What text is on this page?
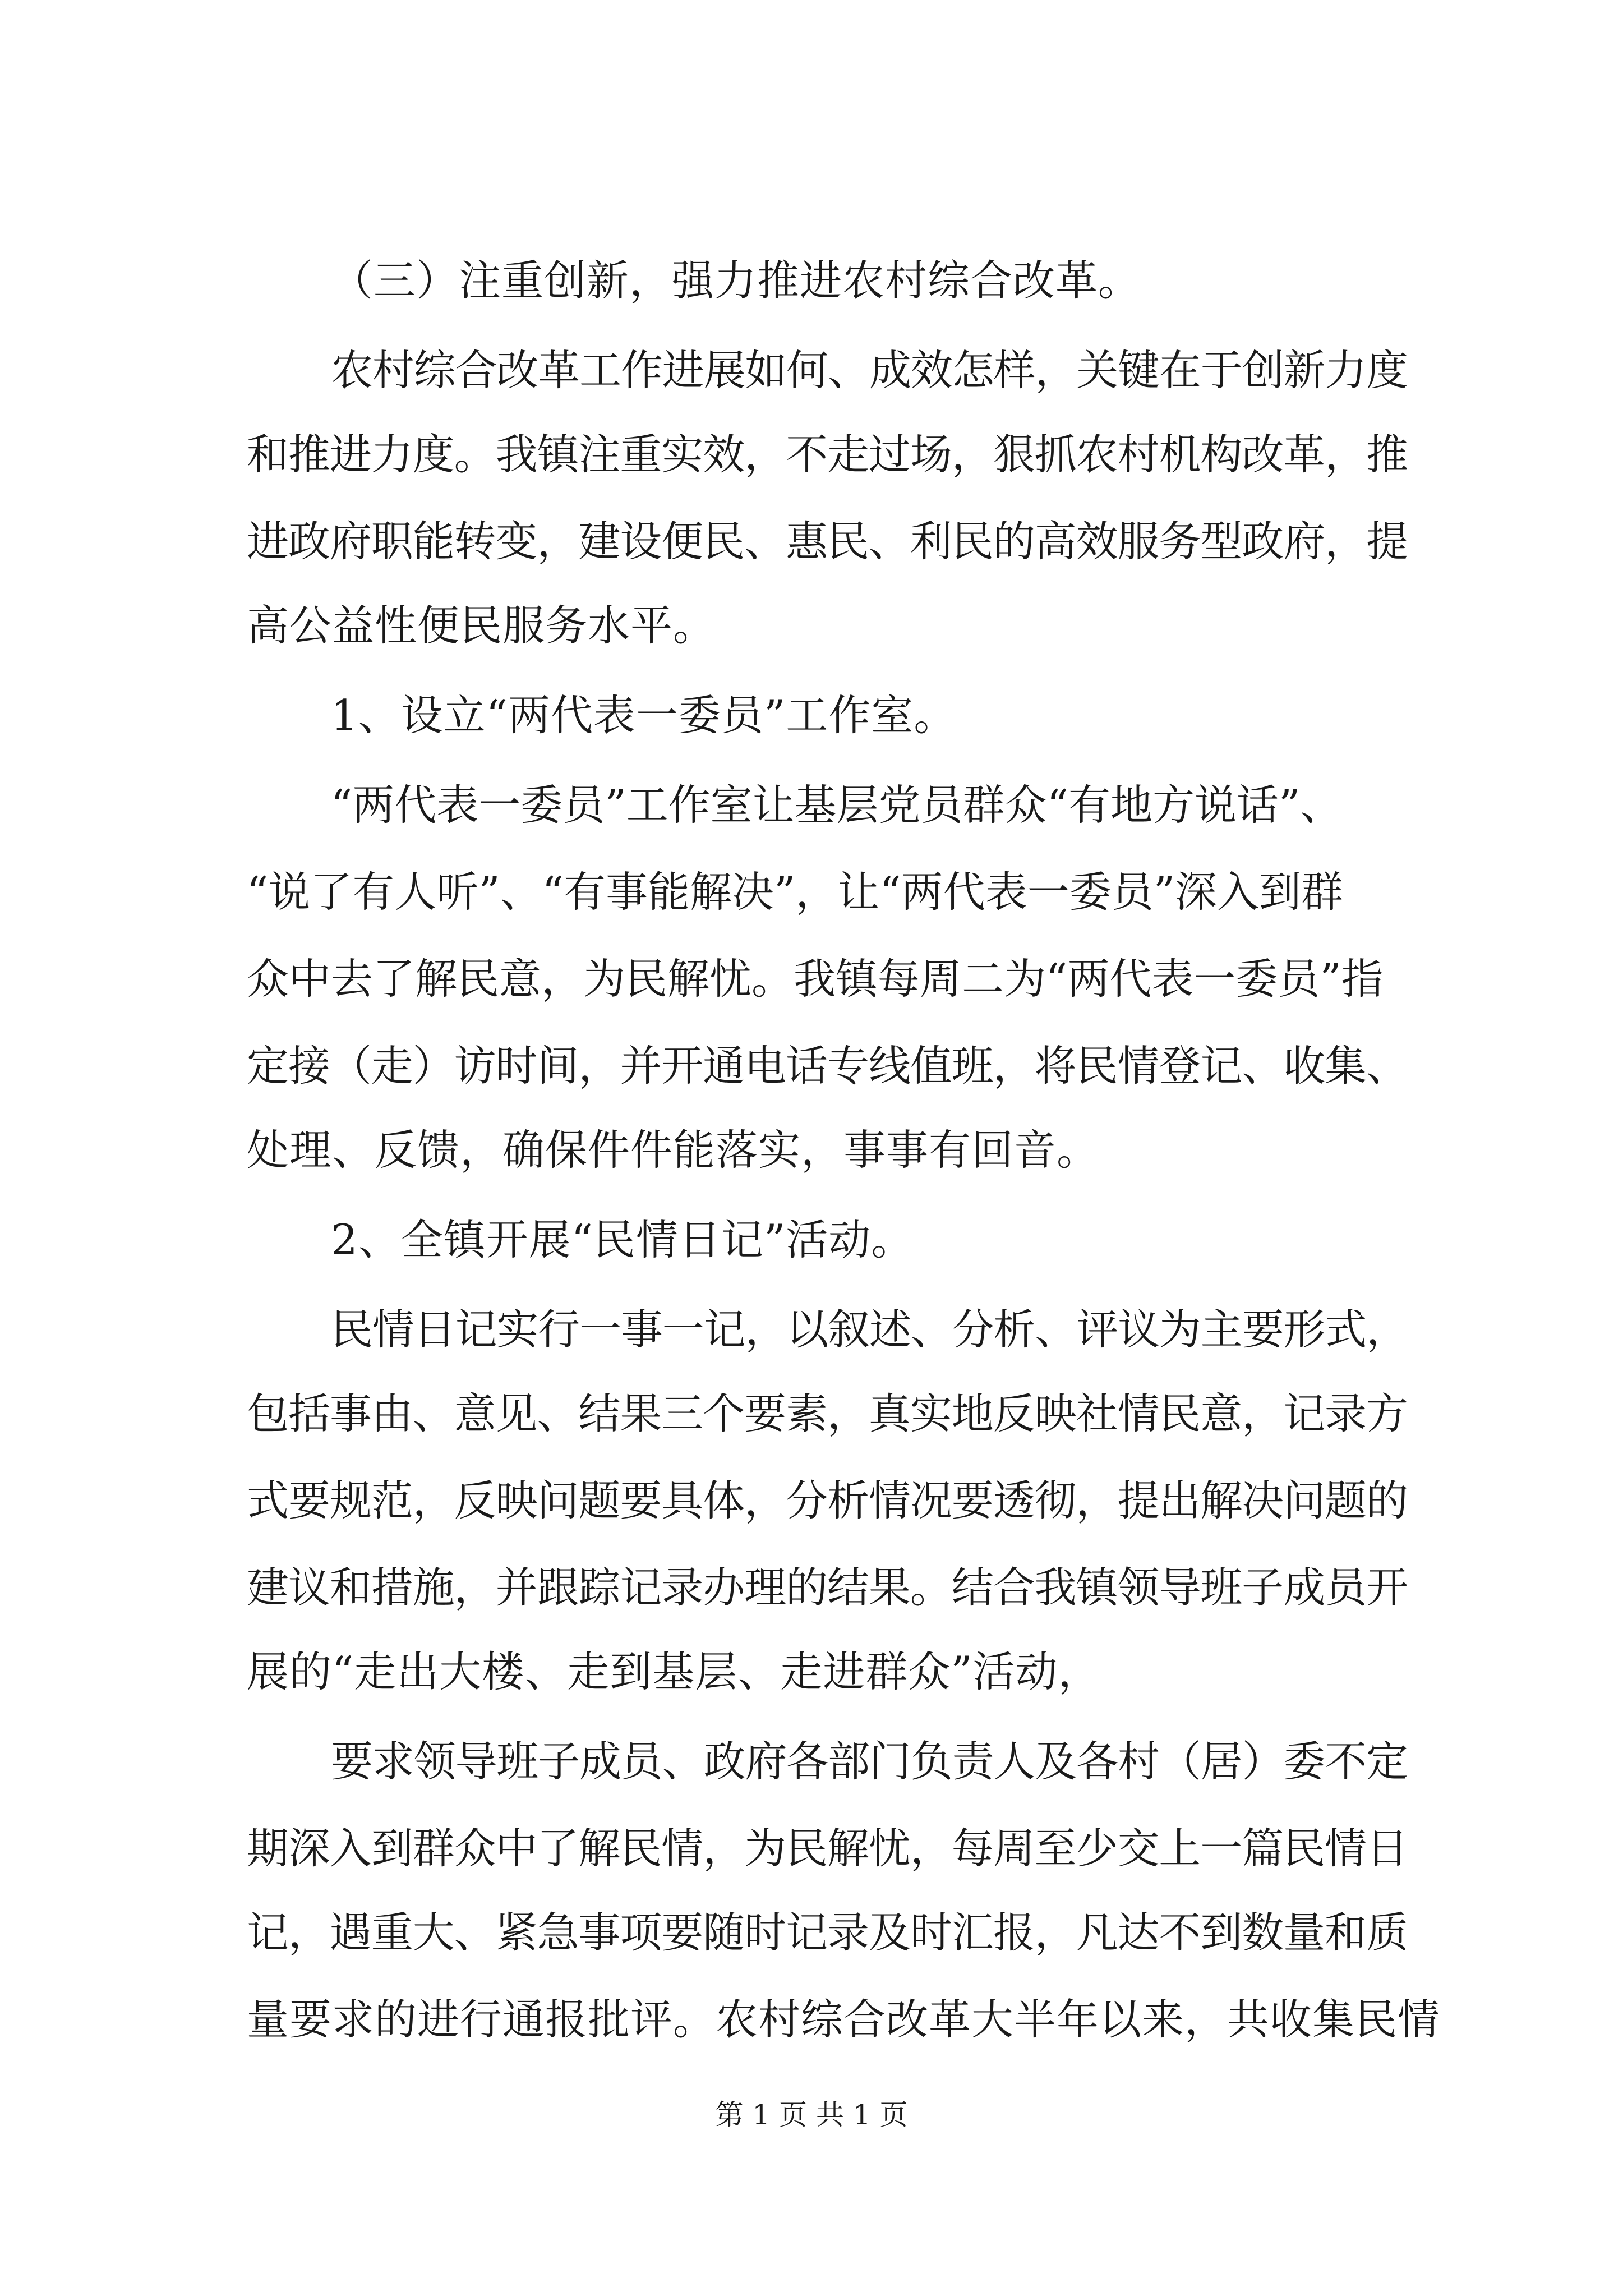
（三）注重创新，强力推进农村综合改革。
农村综合改革工作进展如何、成效怎样，关键在于创新力度
和推进力度。我镇注重实效，不走过场，狠抓农村机构改革，推
进政府职能转变，建设便民、惠民、利民的高效服务型政府，提
高公益性便民服务水平。
1、设立“两代表一委员”工作室。
“两代表一委员”工作室让基层党员群众“有地方说话”、
“说了有人听”、“有事能解决”，让“两代表一委员”深入到群
众中去了解民意，为民解忧。我镇每周二为“两代表一委员”指
定接（走）访时间，并开通电话专线值班，将民情登记、收集、
处理、反馈，确保件件能落实，事事有回音。
2、全镇开展“民情日记”活动。
民情日记实行一事一记，以叙述、分析、评议为主要形式，
包括事由、意见、结果三个要素，真实地反映社情民意，记录方
式要规范，反映问题要具体，分析情况要透彻，提出解决问题的
建议和措施，并跟踪记录办理的结果。结合我镇领导班子成员开
展的“走出大楼、走到基层、走进群众”活动，
要求领导班子成员、政府各部门负责人及各村（居）委不定
期深入到群众中了解民情，为民解忧，每周至少交上一篇民情日
记，遇重大、紧急事项要随时记录及时汇报，凡达不到数量和质
量要求的进行通报批评。农村综合改革大半年以来，共收集民情
第 1 页 共 1 页
